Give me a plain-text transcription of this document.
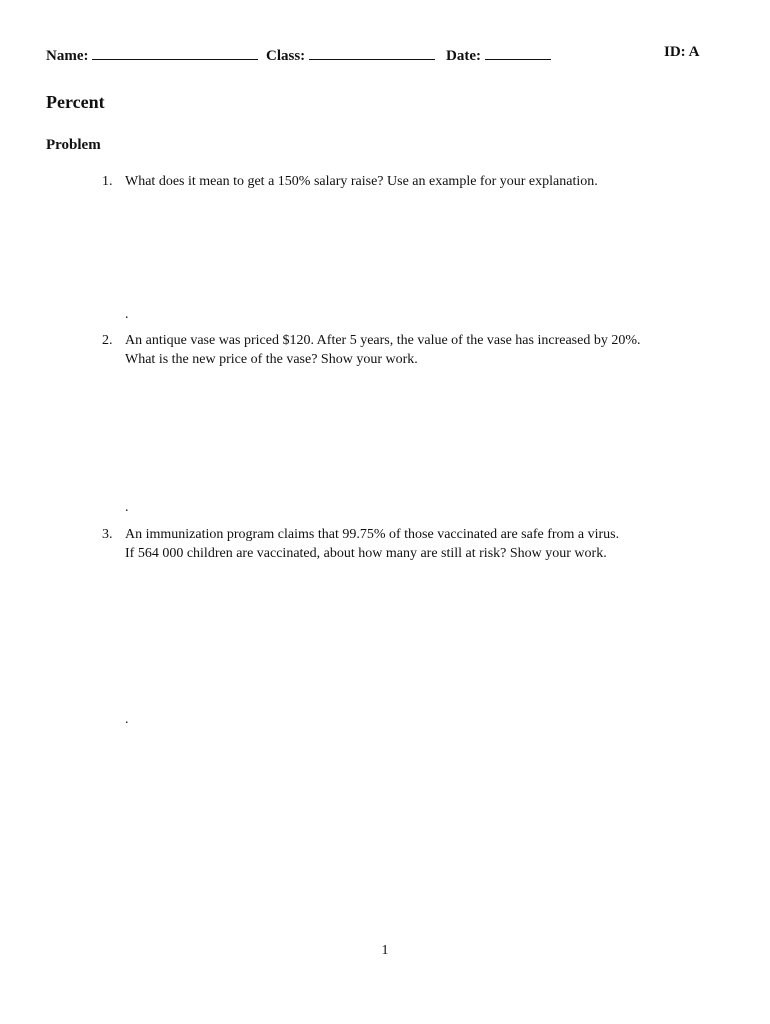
Name:	Class:	Date:	ID: A
Percent
Problem
1. What does it mean to get a 150% salary raise? Use an example for your explanation.
.
2. An antique vase was priced $120. After 5 years, the value of the vase has increased by 20%.
What is the new price of the vase? Show your work.
.
3. An immunization program claims that 99.75% of those vaccinated are safe from a virus.
If 564 000 children are vaccinated, about how many are still at risk? Show your work.
.
1
